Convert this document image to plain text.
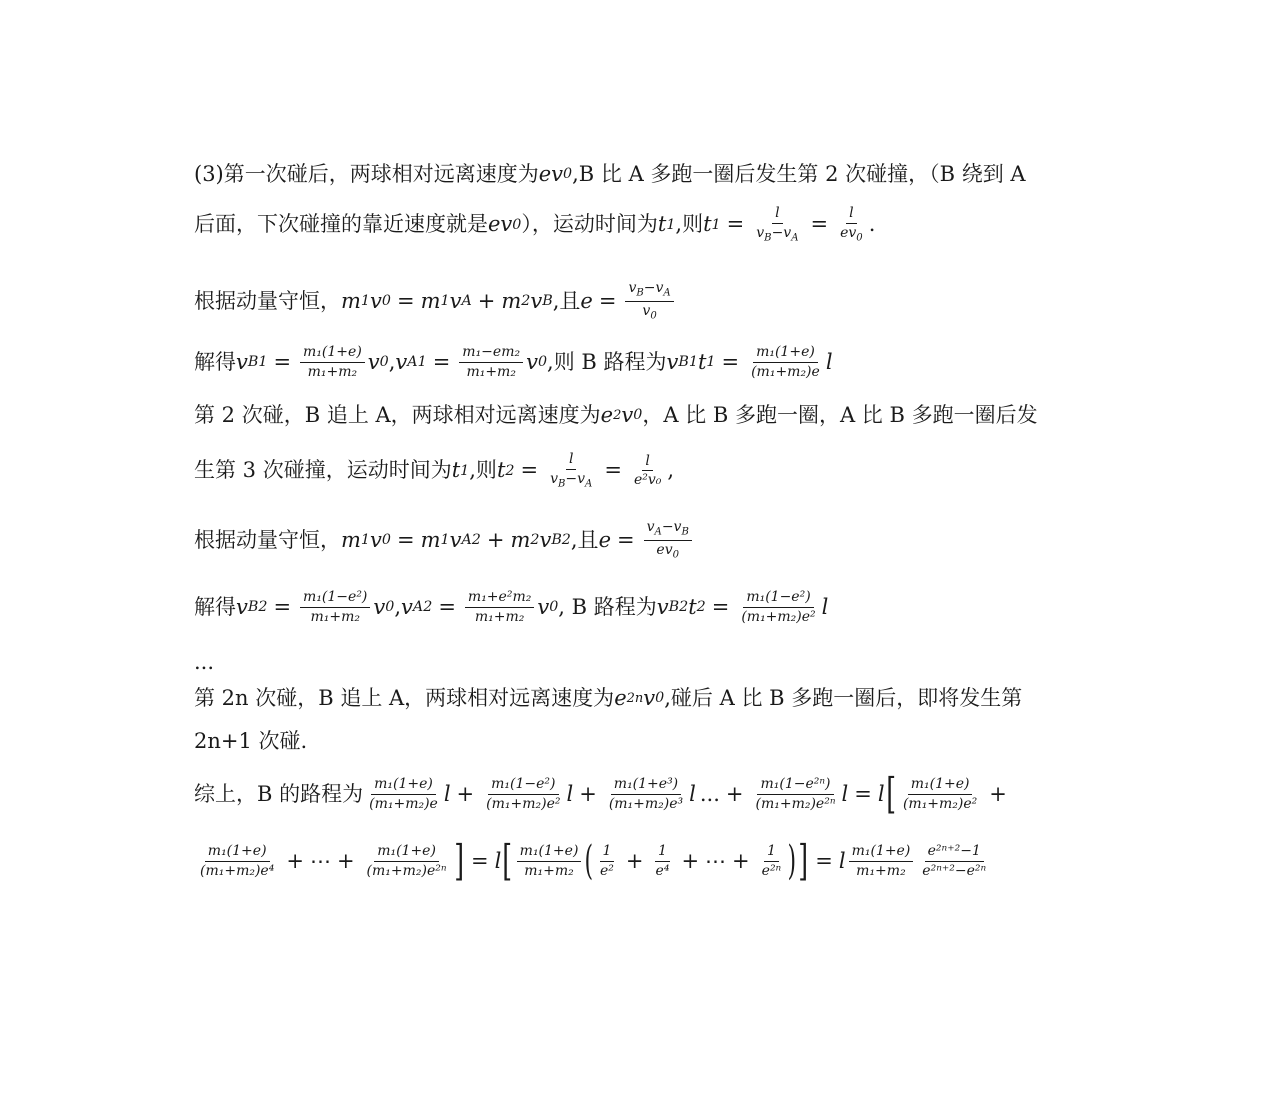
(3)第一次碰后，两球相对远离速度为 ev 0 ,B 比 A 多跑一圈后发生第 2 次碰撞，（B 绕到 A
后面，下次碰撞的靠近速度就是 ev 0 ），运动时间为 t 1 ,则 t $1 = \frac{l}{v_B-v_A} = \frac{l}{ev_0}$ .
根据动量守恒， m 1 v 0 = m 1 v A + m 2 v B ,且 $e = \frac{v_B-v_A}{v_0}$
解得 v $B1 = \frac{\text{m₁(1+e)}}{\text{m₁+m₂}}$ v 0 , v $A1 = \frac{\text{m₁−em₂}}{\text{m₁+m₂}}$ v 0 ,则 B 路程为 v B1 t $1 = \frac{\text{m₁(1+e)}}{\text{(m₁+m₂)e}}$ l
第 2 次碰，B 追上 A，两球相对远离速度为 e 2 v 0 ，A 比 B 多跑一圈，A 比 B 多跑一圈后发
生第 3 次碰撞，运动时间为 t 1 ,则 t $2 = \frac{l}{v_B-v_A} = \frac{l}{\text{e²v₀}}$ ,
根据动量守恒， m 1 v 0 = m 1 v A2 + m 2 v B2 ,且 $e = \frac{v_A-v_B}{ev_0}$
解得 v $B2 = \frac{\text{m₁(1−e²)}}{\text{m₁+m₂}}$ v 0 , v $A2 = \frac{\text{m₁+e²m₂}}{\text{m₁+m₂}}$ v 0 , B 路程为 v B2 t $2 = \frac{\text{m₁(1−e²)}}{\text{(m₁+m₂)e²}}$ l
...
第 2n 次碰，B 追上 A，两球相对远离速度为 e 2n v 0 ,碰后 A 比 B 多跑一圈后，即将发生第
2n+1 次碰.
综上，B 的路程为 $\frac{\text{m₁(1+e)}}{\text{(m₁+m₂)e}}$ $l + \frac{\text{m₁(1−e²)}}{\text{(m₁+m₂)e²}}$ $l + \frac{\text{m₁(1+e³)}}{\text{(m₁+m₂)e³}}$ l ... + $\frac{\text{m₁(1−e²ⁿ)}}{\text{(m₁+m₂)e²ⁿ}}$ l = l [ $\frac{\text{m₁(1+e)}}{\text{(m₁+m₂)e²}}$ +
$\frac{\text{m₁(1+e)}}{\text{(m₁+m₂)e⁴}}$ + ⋯ + $\frac{\text{m₁(1+e)}}{\text{(m₁+m₂)e²ⁿ}}$ ] = l [ $\frac{\text{m₁(1+e)}}{\text{m₁+m₂}}$ ( $\frac{1}{\text{e²}} + \frac{1}{\text{e⁴}}$ + ⋯ + $\frac{1}{\text{e²ⁿ}}$ ) ] = l $\frac{\text{m₁(1+e)}}{\text{m₁+m₂}} \frac{\text{e²ⁿ⁺²−1}}{\text{e²ⁿ⁺²−e²ⁿ}}$
